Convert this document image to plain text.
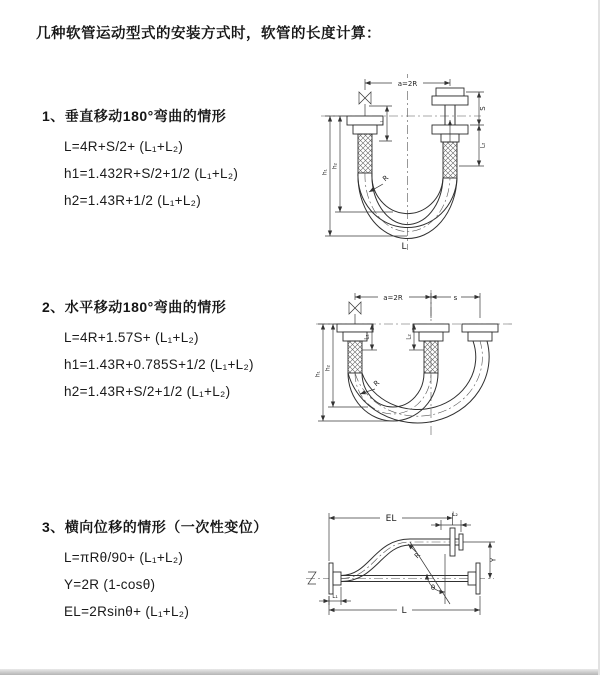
几种软管运动型式的安装方式时，软管的长度计算：
1、垂直移动180°弯曲的情形
L=4R+S/2+ (L₁+L₂)
h1=1.432R+S/2+1/2 (L₁+L₂)
h2=1.43R+1/2 (L₁+L₂)
2、水平移动180°弯曲的情形
L=4R+1.57S+ (L₁+L₂)
h1=1.43R+0.785S+1/2 (L₁+L₂)
h2=1.43R+S/2+1/2 (L₁+L₂)
3、横向位移的情形（一次性变位）
L=πRθ/90+ (L₁+L₂)
Y=2R (1-cosθ)
EL=2Rsinθ+ (L₁+L₂)
a=2R
S
L₂
L₁
h₁
h₂
R
L
a=2R	s
h₁
h₂
L₁	L₂
R
EL	L₂
Y
R
θ
L₁
L
